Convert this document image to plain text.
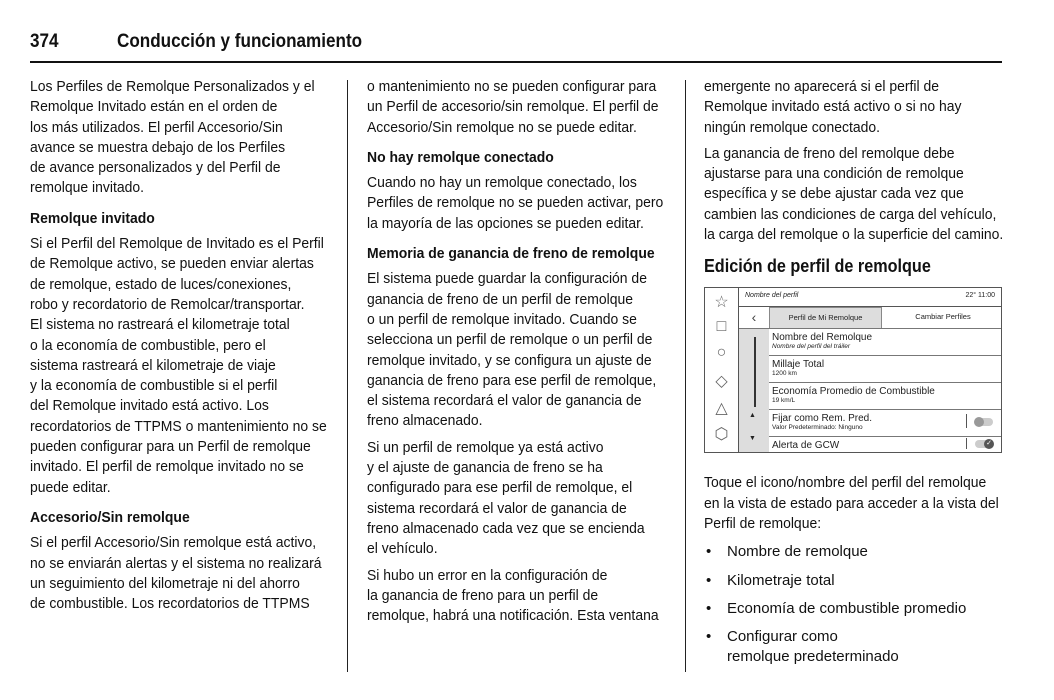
374	Conducción y funcionamiento

Los Perfiles de Remolque Personalizados y el
Remolque Invitado están en el orden de
los más utilizados. El perfil Accesorio/Sin
avance se muestra debajo de los Perfiles
de avance personalizados y del Perfil de
remolque invitado.

Remolque invitado

Si el Perfil del Remolque de Invitado es el Perfil
de Remolque activo, se pueden enviar alertas
de remolque, estado de luces/conexiones,
robo y recordatorio de Remolcar/transportar.
El sistema no rastreará el kilometraje total
o la economía de combustible, pero el
sistema rastreará el kilometraje de viaje
y la economía de combustible si el perfil
del Remolque invitado está activo. Los
recordatorios de TTPMS o mantenimiento no se
pueden configurar para un Perfil de remolque
invitado. El perfil de remolque invitado no se
puede editar.

Accesorio/Sin remolque

Si el perfil Accesorio/Sin remolque está activo,
no se enviarán alertas y el sistema no realizará
un seguimiento del kilometraje ni del ahorro
de combustible. Los recordatorios de TTPMS

o mantenimiento no se pueden configurar para
un Perfil de accesorio/sin remolque. El perfil de
Accesorio/Sin remolque no se puede editar.

No hay remolque conectado

Cuando no hay un remolque conectado, los
Perfiles de remolque no se pueden activar, pero
la mayoría de las opciones se pueden editar.

Memoria de ganancia de freno de remolque

El sistema puede guardar la configuración de
ganancia de freno de un perfil de remolque
o un perfil de remolque invitado. Cuando se
selecciona un perfil de remolque o un perfil de
remolque invitado, y se configura un ajuste de
ganancia de freno para ese perfil de remolque,
el sistema recordará el valor de ganancia de
freno almacenado.

Si un perfil de remolque ya está activo
y el ajuste de ganancia de freno se ha
configurado para ese perfil de remolque, el
sistema recordará el valor de ganancia de
freno almacenado cada vez que se encienda
el vehículo.

Si hubo un error en la configuración de
la ganancia de freno para un perfil de
remolque, habrá una notificación. Esta ventana

emergente no aparecerá si el perfil de
Remolque invitado está activo o si no hay
ningún remolque conectado.

La ganancia de freno del remolque debe
ajustarse para una condición de remolque
específica y se debe ajustar cada vez que
cambien las condiciones de carga del vehículo,
la carga del remolque o la superficie del camino.

Edición de perfil de remolque
☆
□
○
◇
△
⬡
Nombre del perfil	22° 11:00
‹
▲
▼
Perfil de Mi Remolque	Cambiar Perfiles
Nombre del Remolque
Nombre del perfil del tráiler
Millaje Total
1200 km
Economía Promedio de Combustible
19 km/L
Fijar como Rem. Pred.
Valor Predeterminado: Ninguno
Alerta de GCW	✓

Toque el icono/nombre del perfil del remolque
en la vista de estado para acceder a la vista del
Perfil de remolque:

• Nombre de remolque
• Kilometraje total
• Economía de combustible promedio
• Configurar como
remolque predeterminado
